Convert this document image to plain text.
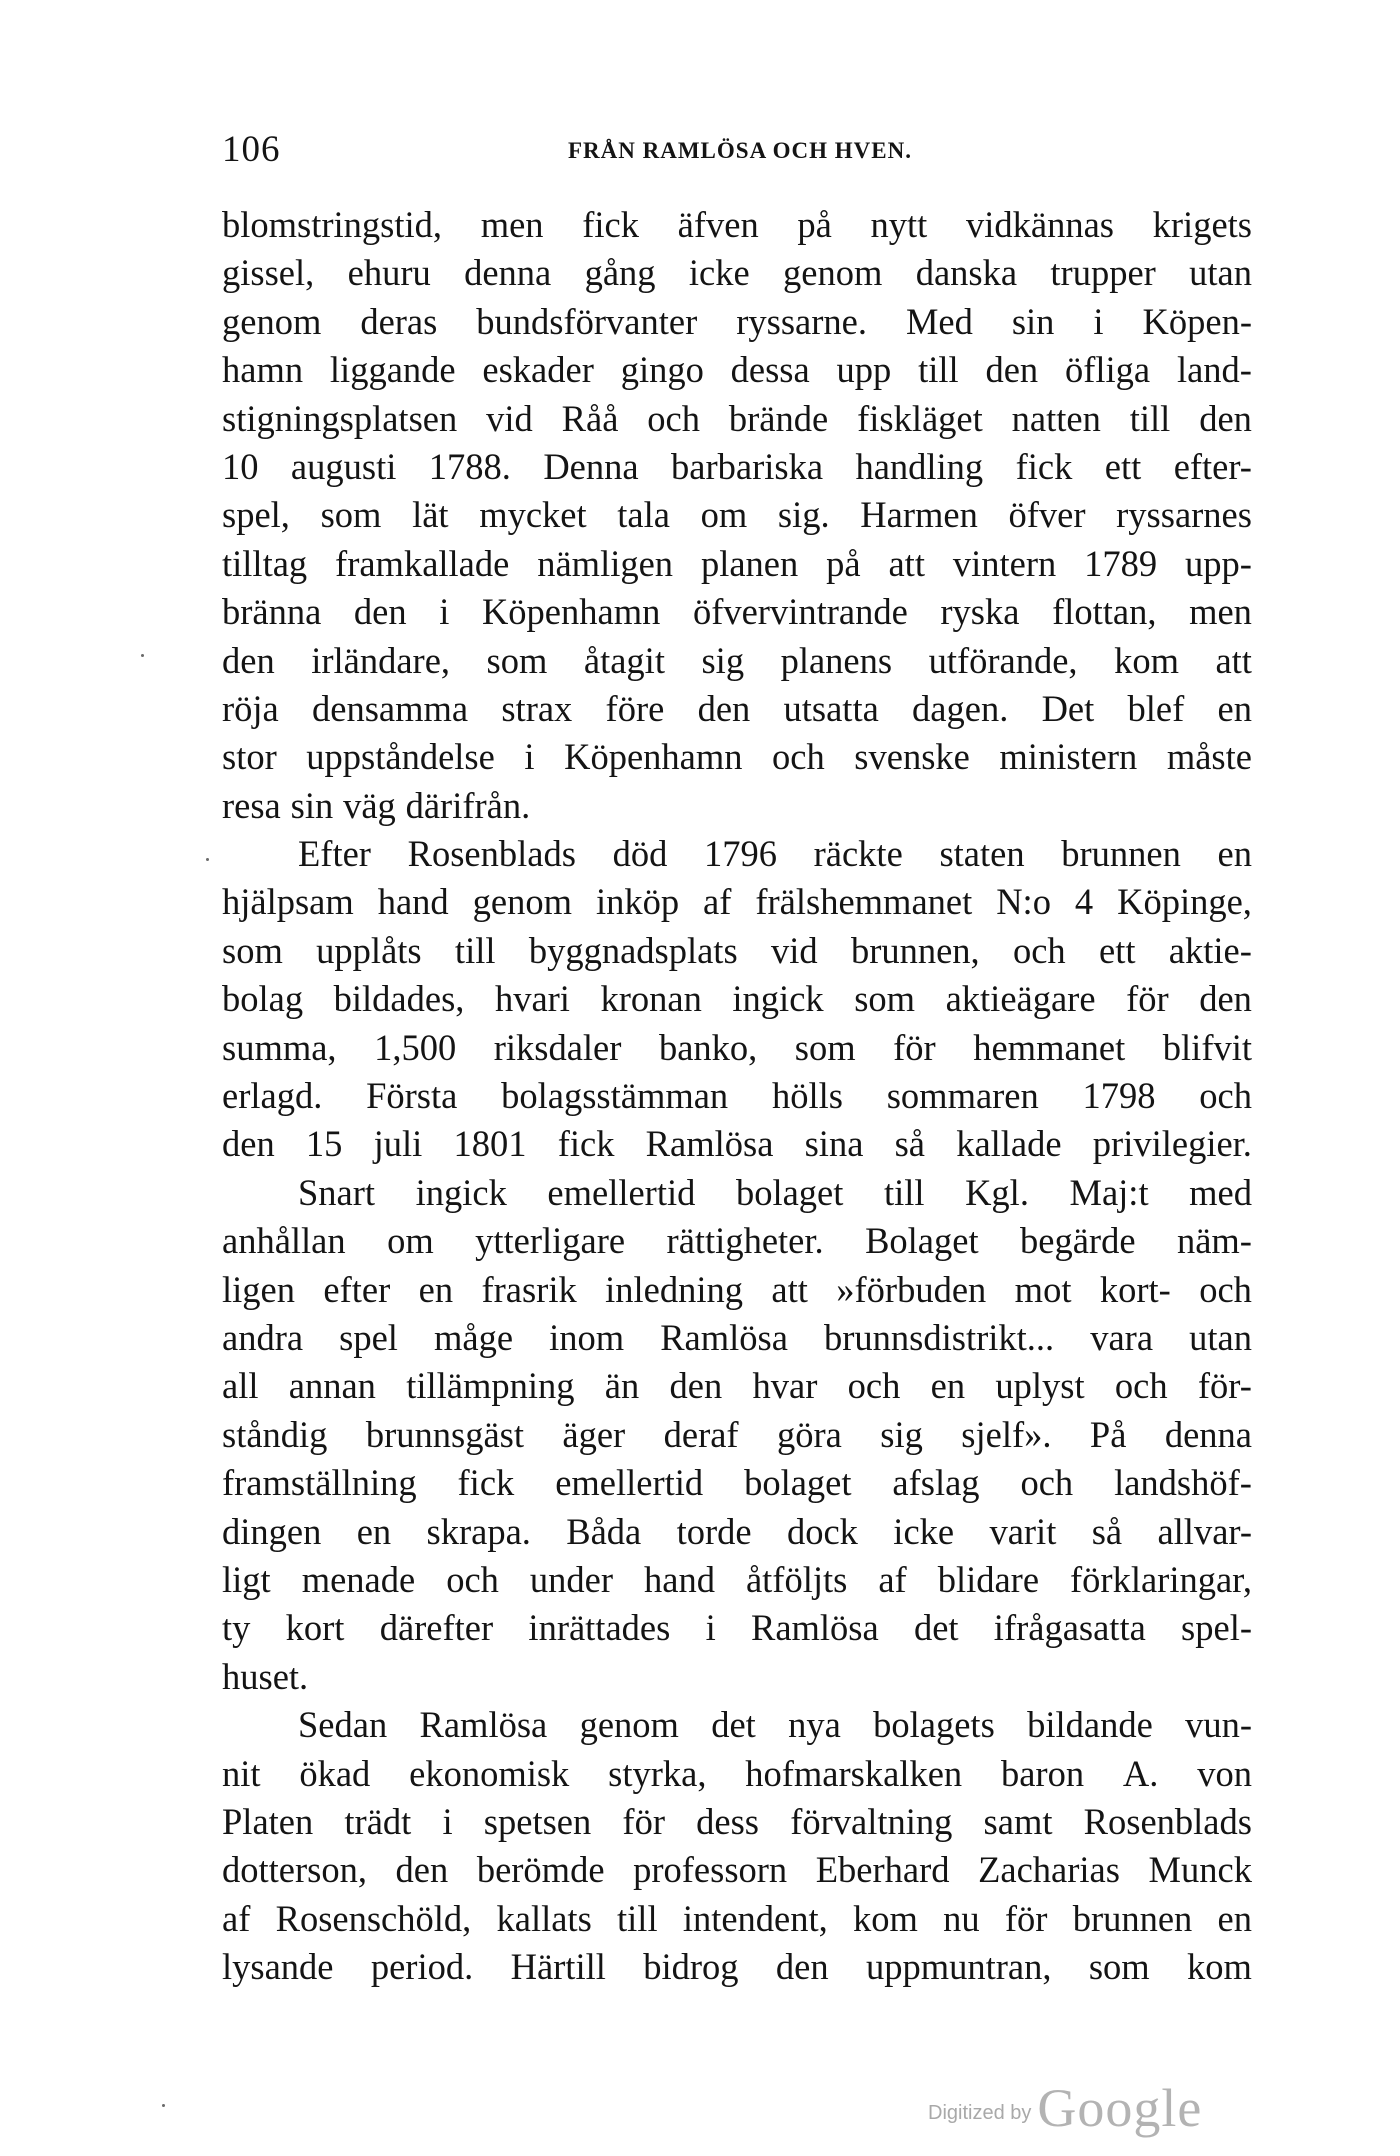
106	FRÅN RAMLÖSA OCH HVEN.
blomstringstid, men fick äfven på nytt vidkännas krigets
gissel, ehuru denna gång icke genom danska trupper utan
genom deras bundsförvanter ryssarne. Med sin i Köpen-
hamn liggande eskader gingo dessa upp till den öfliga land-
stigningsplatsen vid Råå och brände fiskläget natten till den
10 augusti 1788. Denna barbariska handling fick ett efter-
spel, som lät mycket tala om sig. Harmen öfver ryssarnes
tilltag framkallade nämligen planen på att vintern 1789 upp-
bränna den i Köpenhamn öfvervintrande ryska flottan, men
den irländare, som åtagit sig planens utförande, kom att
röja densamma strax före den utsatta dagen. Det blef en
stor uppståndelse i Köpenhamn och svenske ministern måste
resa sin väg därifrån.
Efter Rosenblads död 1796 räckte staten brunnen en
hjälpsam hand genom inköp af frälshemmanet N:o 4 Köpinge,
som upplåts till byggnadsplats vid brunnen, och ett aktie-
bolag bildades, hvari kronan ingick som aktieägare för den
summa, 1,500 riksdaler banko, som för hemmanet blifvit
erlagd. Första bolagsstämman hölls sommaren 1798 och
den 15 juli 1801 fick Ramlösa sina så kallade privilegier.
Snart ingick emellertid bolaget till Kgl. Maj:t med
anhållan om ytterligare rättigheter. Bolaget begärde näm-
ligen efter en frasrik inledning att »förbuden mot kort- och
andra spel måge inom Ramlösa brunnsdistrikt... vara utan
all annan tillämpning än den hvar och en uplyst och för-
ståndig brunnsgäst äger deraf göra sig sjelf». På denna
framställning fick emellertid bolaget afslag och landshöf-
dingen en skrapa. Båda torde dock icke varit så allvar-
ligt menade och under hand åtföljts af blidare förklaringar,
ty kort därefter inrättades i Ramlösa det ifrågasatta spel-
huset.
Sedan Ramlösa genom det nya bolagets bildande vun-
nit ökad ekonomisk styrka, hofmarskalken baron A. von
Platen trädt i spetsen för dess förvaltning samt Rosenblads
dotterson, den berömde professorn Eberhard Zacharias Munck
af Rosenschöld, kallats till intendent, kom nu för brunnen en
lysande period. Härtill bidrog den uppmuntran, som kom
Digitized by Google
